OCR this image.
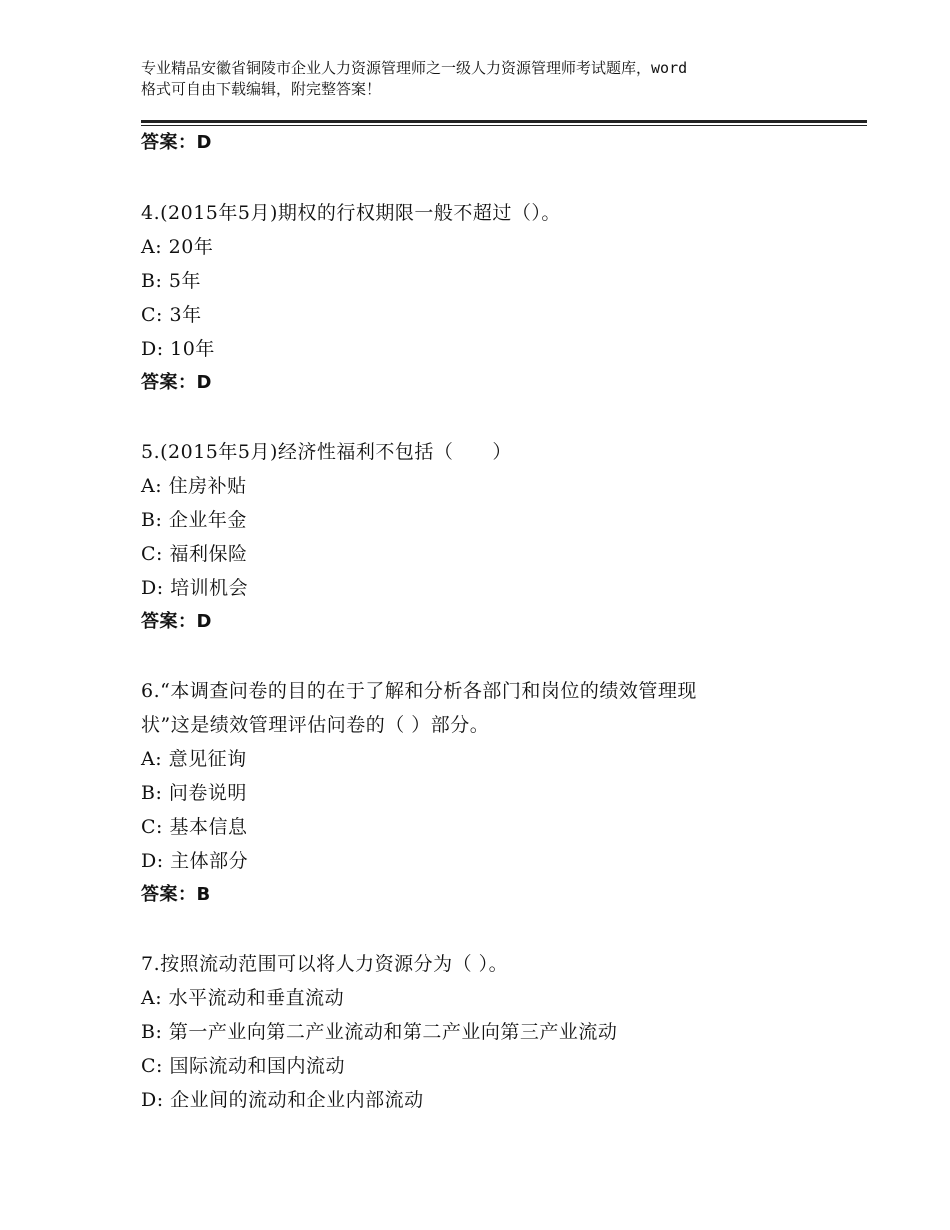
专业精品安徽省铜陵市企业人力资源管理师之一级人力资源管理师考试题库，word
格式可自由下载编辑，附完整答案！
答案：D
4.(2015年5月)期权的行权期限一般不超过（）。
A: 20年
B: 5年
C: 3年
D: 10年
答案：D
5.(2015年5月)经济性福利不包括（　　）
A: 住房补贴
B: 企业年金
C: 福利保险
D: 培训机会
答案：D
6.“本调查问卷的目的在于了解和分析各部门和岗位的绩效管理现
状”这是绩效管理评估问卷的（ ）部分。
A: 意见征询
B: 问卷说明
C: 基本信息
D: 主体部分
答案：B
7.按照流动范围可以将人力资源分为（ ）。
A: 水平流动和垂直流动
B: 第一产业向第二产业流动和第二产业向第三产业流动
C: 国际流动和国内流动
D: 企业间的流动和企业内部流动
